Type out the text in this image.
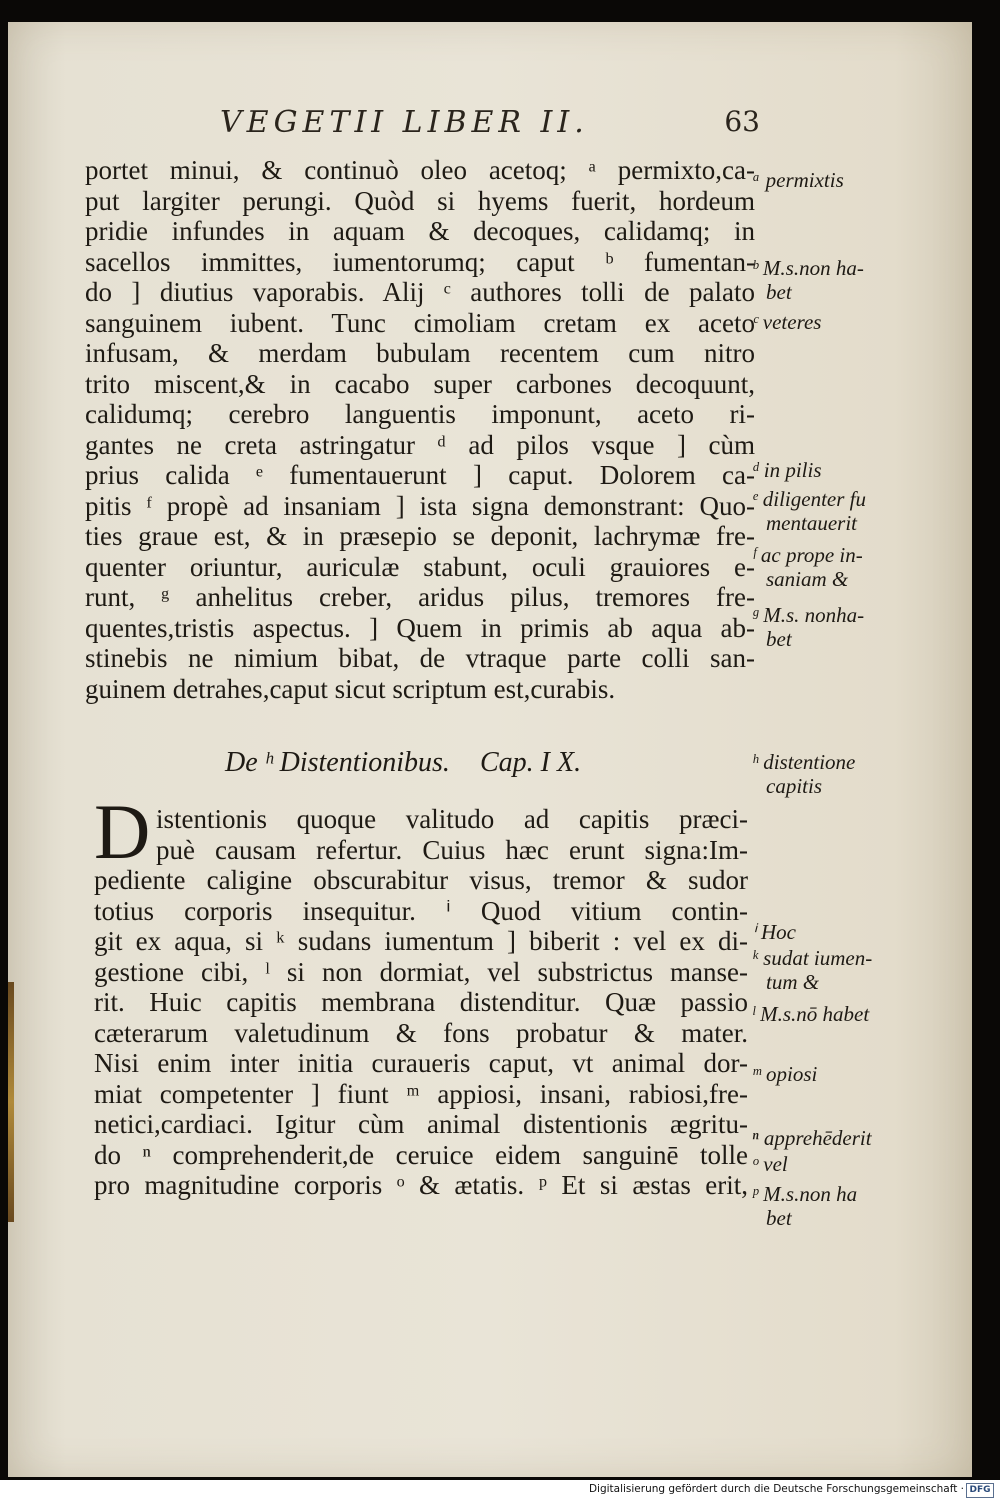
VEGETII LIBER II.	63
portet minui, & continuò oleo acetoq; ᵃ permixto,ca-
put largiter perungi. Quòd si hyems fuerit, hordeum
pridie infundes in aquam & decoques, calidamq; in
sacellos immittes, iumentorumq; caput ᵇ fumentan-
do ] diutius vaporabis. Alij ᶜ authores tolli de palato
sanguinem iubent. Tunc cimoliam cretam ex aceto
infusam, & merdam bubulam recentem cum nitro
trito miscent,& in cacabo super carbones decoquunt,
calidumq; cerebro languentis imponunt, aceto ri-
gantes ne creta astringatur ᵈ ad pilos vsque ] cùm
prius calida ᵉ fumentauerunt ] caput. Dolorem ca-
pitis ᶠ propè ad insaniam ] ista signa demonstrant: Quo-
ties graue est, & in præsepio se deponit, lachrymæ fre-
quenter oriuntur, auriculæ stabunt, oculi grauiores e-
runt, ᵍ anhelitus creber, aridus pilus, tremores fre-
quentes,tristis aspectus. ] Quem in primis ab aqua ab-
stinebis ne nimium bibat, de vtraque parte colli san-
guinem detrahes,caput sicut scriptum est,curabis.
De ʰ Distentionibus. Cap. I X.
D istentionis quoque valitudo ad capitis præci-
puè causam refertur. Cuius hæc erunt signa:Im-
pediente caligine obscurabitur visus, tremor & sudor
totius corporis insequitur. ⁱ Quod vitium contin-
git ex aqua, si ᵏ sudans iumentum ] biberit : vel ex di-
gestione cibi, ˡ si non dormiat, vel substrictus manse-
rit. Huic capitis membrana distenditur. Quæ passio
cæterarum valetudinum & fons probatur & mater.
Nisi enim inter initia curaueris caput, vt animal dor-
miat competenter ] fiunt ᵐ appiosi, insani, rabiosi,fre-
netici,cardiaci. Igitur cùm animal distentionis ægritu-
do ⁿ comprehenderit,de ceruice eidem sanguinē tolle
pro magnitudine corporis ᵒ & ætatis. ᵖ Et si æstas erit,
ᵃ permixtis
ᵇ M.s.non ha-
bet
ᶜ veteres
ᵈ in pilis
ᵉ diligenter fu
mentauerit
ᶠ ac prope in-
saniam &
ᵍ M.s. nonha-
bet
ʰ distentione
capitis
ⁱ Hoc
ᵏ sudat iumen-
tum &
ˡ M.s.nō habet
ᵐ opiosi
ⁿ apprehēderit
ᵒ vel
ᵖ M.s.non ha
bet
Digitalisierung gefördert durch die Deutsche Forschungsgemeinschaft · DFG
